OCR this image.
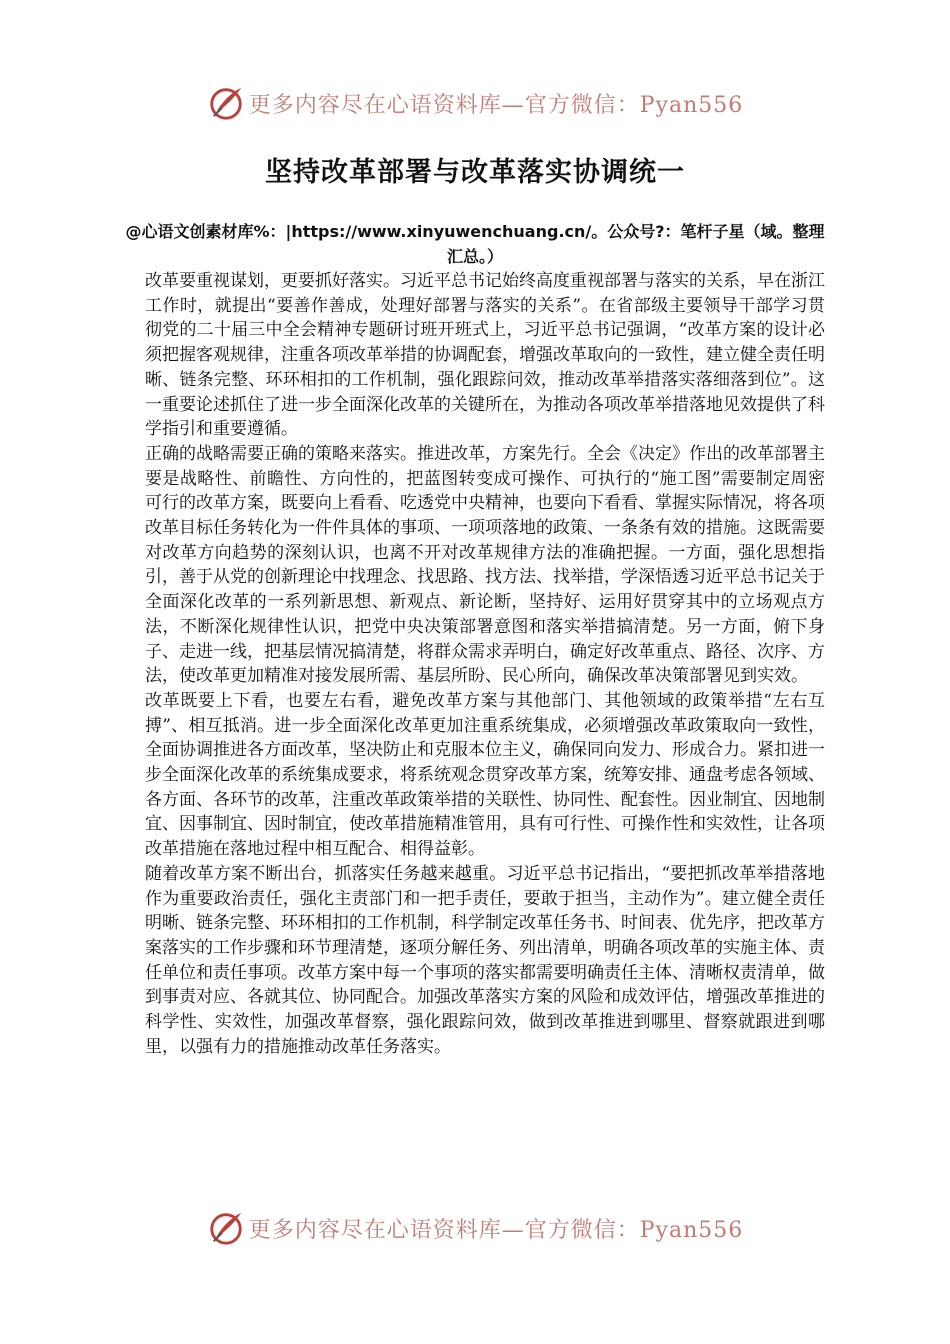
更多内容尽在心语资料库—官方微信：Pyan556
坚持改革部署与改革落实协调统一

@心语文创素材库%：|https://www.xinyuwenchuang.cn/。公众号?：笔杆子星（域。整理汇总。）

改革要重视谋划，更要抓好落实。习近平总书记始终高度重视部署与落实的关系，早在浙江工作时，就提出“要善作善成，处理好部署与落实的关系”。在省部级主要领导干部学习贯彻党的二十届三中全会精神专题研讨班开班式上，习近平总书记强调，“改革方案的设计必须把握客观规律，注重各项改革举措的协调配套，增强改革取向的一致性，建立健全责任明晰、链条完整、环环相扣的工作机制，强化跟踪问效，推动改革举措落实落细落到位”。这一重要论述抓住了进一步全面深化改革的关键所在，为推动各项改革举措落地见效提供了科学指引和重要遵循。

正确的战略需要正确的策略来落实。推进改革，方案先行。全会《决定》作出的改革部署主要是战略性、前瞻性、方向性的，把蓝图转变成可操作、可执行的“施工图”需要制定周密可行的改革方案，既要向上看看、吃透党中央精神，也要向下看看、掌握实际情况，将各项改革目标任务转化为一件件具体的事项、一项项落地的政策、一条条有效的措施。这既需要对改革方向趋势的深刻认识，也离不开对改革规律方法的准确把握。一方面，强化思想指引，善于从党的创新理论中找理念、找思路、找方法、找举措，学深悟透习近平总书记关于全面深化改革的一系列新思想、新观点、新论断，坚持好、运用好贯穿其中的立场观点方法，不断深化规律性认识，把党中央决策部署意图和落实举措搞清楚。另一方面，俯下身子、走进一线，把基层情况搞清楚，将群众需求弄明白，确定好改革重点、路径、次序、方法，使改革更加精准对接发展所需、基层所盼、民心所向，确保改革决策部署见到实效。

改革既要上下看，也要左右看，避免改革方案与其他部门、其他领域的政策举措“左右互搏”、相互抵消。进一步全面深化改革更加注重系统集成，必须增强改革政策取向一致性，全面协调推进各方面改革，坚决防止和克服本位主义，确保同向发力、形成合力。紧扣进一步全面深化改革的系统集成要求，将系统观念贯穿改革方案，统筹安排、通盘考虑各领域、各方面、各环节的改革，注重改革政策举措的关联性、协同性、配套性。因业制宜、因地制宜、因事制宜、因时制宜，使改革措施精准管用，具有可行性、可操作性和实效性，让各项改革措施在落地过程中相互配合、相得益彰。

随着改革方案不断出台，抓落实任务越来越重。习近平总书记指出，“要把抓改革举措落地作为重要政治责任，强化主责部门和一把手责任，要敢于担当，主动作为”。建立健全责任明晰、链条完整、环环相扣的工作机制，科学制定改革任务书、时间表、优先序，把改革方案落实的工作步骤和环节理清楚，逐项分解任务、列出清单，明确各项改革的实施主体、责任单位和责任事项。改革方案中每一个事项的落实都需要明确责任主体、清晰权责清单，做到事责对应、各就其位、协同配合。加强改革落实方案的风险和成效评估，增强改革推进的科学性、实效性，加强改革督察，强化跟踪问效，做到改革推进到哪里、督察就跟进到哪里，以强有力的措施推动改革任务落实。

更多内容尽在心语资料库—官方微信：Pyan556
